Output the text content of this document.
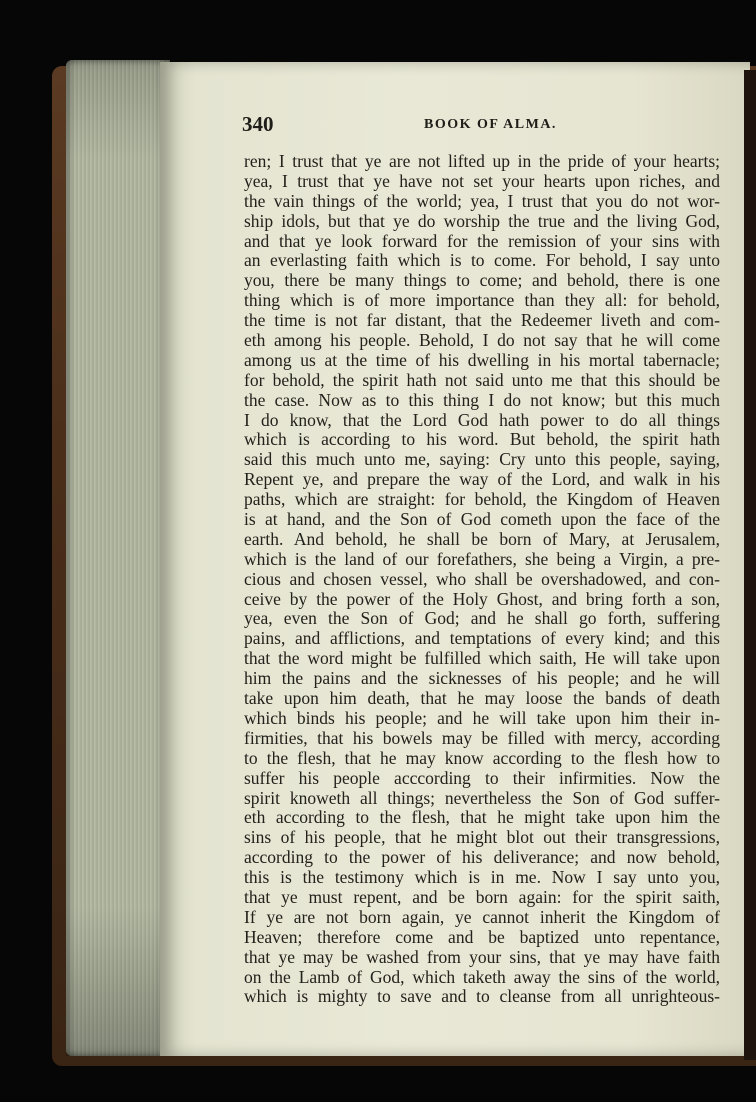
340	BOOK OF ALMA.
ren; I trust that ye are not lifted up in the pride of your hearts;
yea, I trust that ye have not set your hearts upon riches, and
the vain things of the world; yea, I trust that you do not wor-
ship idols, but that ye do worship the true and the living God,
and that ye look forward for the remission of your sins with
an everlasting faith which is to come. For behold, I say unto
you, there be many things to come; and behold, there is one
thing which is of more importance than they all: for behold,
the time is not far distant, that the Redeemer liveth and com-
eth among his people. Behold, I do not say that he will come
among us at the time of his dwelling in his mortal tabernacle;
for behold, the spirit hath not said unto me that this should be
the case. Now as to this thing I do not know; but this much
I do know, that the Lord God hath power to do all things
which is according to his word. But behold, the spirit hath
said this much unto me, saying: Cry unto this people, saying,
Repent ye, and prepare the way of the Lord, and walk in his
paths, which are straight: for behold, the Kingdom of Heaven
is at hand, and the Son of God cometh upon the face of the
earth. And behold, he shall be born of Mary, at Jerusalem,
which is the land of our forefathers, she being a Virgin, a pre-
cious and chosen vessel, who shall be overshadowed, and con-
ceive by the power of the Holy Ghost, and bring forth a son,
yea, even the Son of God; and he shall go forth, suffering
pains, and afflictions, and temptations of every kind; and this
that the word might be fulfilled which saith, He will take upon
him the pains and the sicknesses of his people; and he will
take upon him death, that he may loose the bands of death
which binds his people; and he will take upon him their in-
firmities, that his bowels may be filled with mercy, according
to the flesh, that he may know according to the flesh how to
suffer his people acccording to their infirmities. Now the
spirit knoweth all things; nevertheless the Son of God suffer-
eth according to the flesh, that he might take upon him the
sins of his people, that he might blot out their transgressions,
according to the power of his deliverance; and now behold,
this is the testimony which is in me. Now I say unto you,
that ye must repent, and be born again: for the spirit saith,
If ye are not born again, ye cannot inherit the Kingdom of
Heaven; therefore come and be baptized unto repentance,
that ye may be washed from your sins, that ye may have faith
on the Lamb of God, which taketh away the sins of the world,
which is mighty to save and to cleanse from all unrighteous-
